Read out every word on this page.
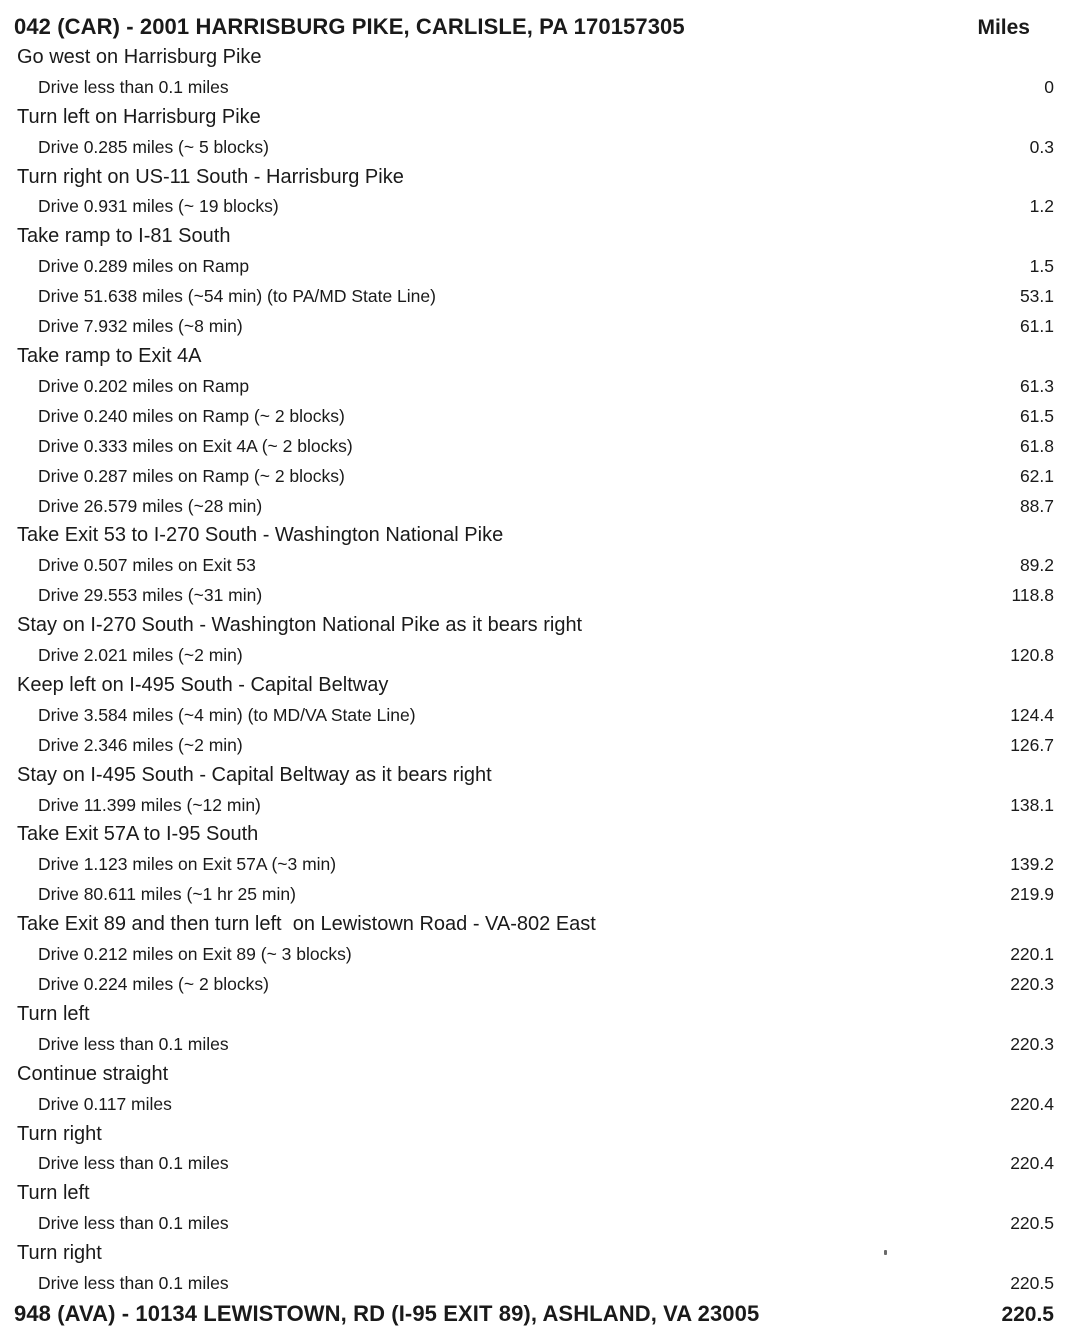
042 (CAR) - 2001 HARRISBURG PIKE, CARLISLE, PA 170157305	Miles
Go west on Harrisburg Pike
Drive less than 0.1 miles	0
Turn left on Harrisburg Pike
Drive 0.285 miles (~ 5 blocks)	0.3
Turn right on US-11 South - Harrisburg Pike
Drive 0.931 miles (~ 19 blocks)	1.2
Take ramp to I-81 South
Drive 0.289 miles on Ramp	1.5
Drive 51.638 miles (~54 min) (to PA/MD State Line)	53.1
Drive 7.932 miles (~8 min)	61.1
Take ramp to Exit 4A
Drive 0.202 miles on Ramp	61.3
Drive 0.240 miles on Ramp (~ 2 blocks)	61.5
Drive 0.333 miles on Exit 4A (~ 2 blocks)	61.8
Drive 0.287 miles on Ramp (~ 2 blocks)	62.1
Drive 26.579 miles (~28 min)	88.7
Take Exit 53 to I-270 South - Washington National Pike
Drive 0.507 miles on Exit 53	89.2
Drive 29.553 miles (~31 min)	118.8
Stay on I-270 South - Washington National Pike as it bears right
Drive 2.021 miles (~2 min)	120.8
Keep left on I-495 South - Capital Beltway
Drive 3.584 miles (~4 min) (to MD/VA State Line)	124.4
Drive 2.346 miles (~2 min)	126.7
Stay on I-495 South - Capital Beltway as it bears right
Drive 11.399 miles (~12 min)	138.1
Take Exit 57A to I-95 South
Drive 1.123 miles on Exit 57A (~3 min)	139.2
Drive 80.611 miles (~1 hr 25 min)	219.9
Take Exit 89 and then turn left  on Lewistown Road - VA-802 East
Drive 0.212 miles on Exit 89 (~ 3 blocks)	220.1
Drive 0.224 miles (~ 2 blocks)	220.3
Turn left
Drive less than 0.1 miles	220.3
Continue straight
Drive 0.117 miles	220.4
Turn right
Drive less than 0.1 miles	220.4
Turn left
Drive less than 0.1 miles	220.5
Turn right
Drive less than 0.1 miles	220.5
948 (AVA) - 10134 LEWISTOWN, RD (I-95 EXIT 89), ASHLAND, VA 23005	220.5
